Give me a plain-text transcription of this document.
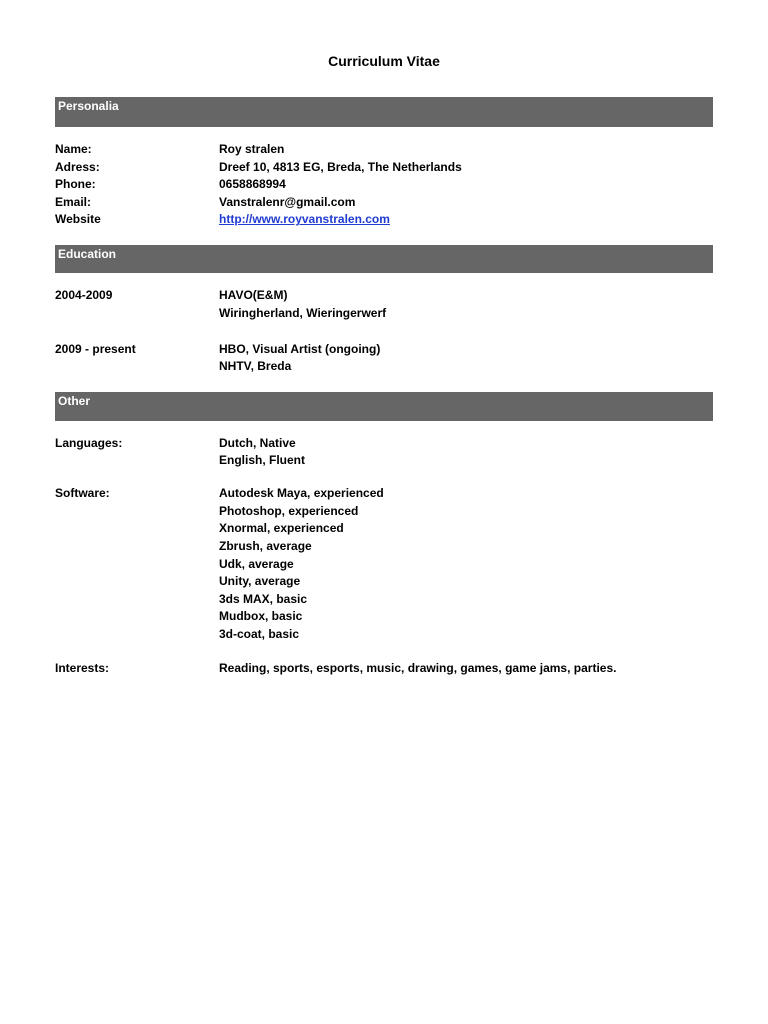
Curriculum Vitae
Personalia
Name:	Roy stralen
Adress:	Dreef 10, 4813 EG, Breda, The Netherlands
Phone:	0658868994
Email:	Vanstralenr@gmail.com
Website	http://www.royvanstralen.com
Education
2004-2009	HAVO(E&M)
Wiringherland, Wieringerwerf
2009 - present	HBO, Visual Artist (ongoing)
NHTV, Breda
Other
Languages:	Dutch, Native
English, Fluent
Software:	Autodesk Maya, experienced
Photoshop, experienced
Xnormal, experienced
Zbrush, average
Udk, average
Unity, average
3ds MAX, basic
Mudbox, basic
3d-coat, basic
Interests:	Reading, sports, esports, music, drawing, games, game jams, parties.
